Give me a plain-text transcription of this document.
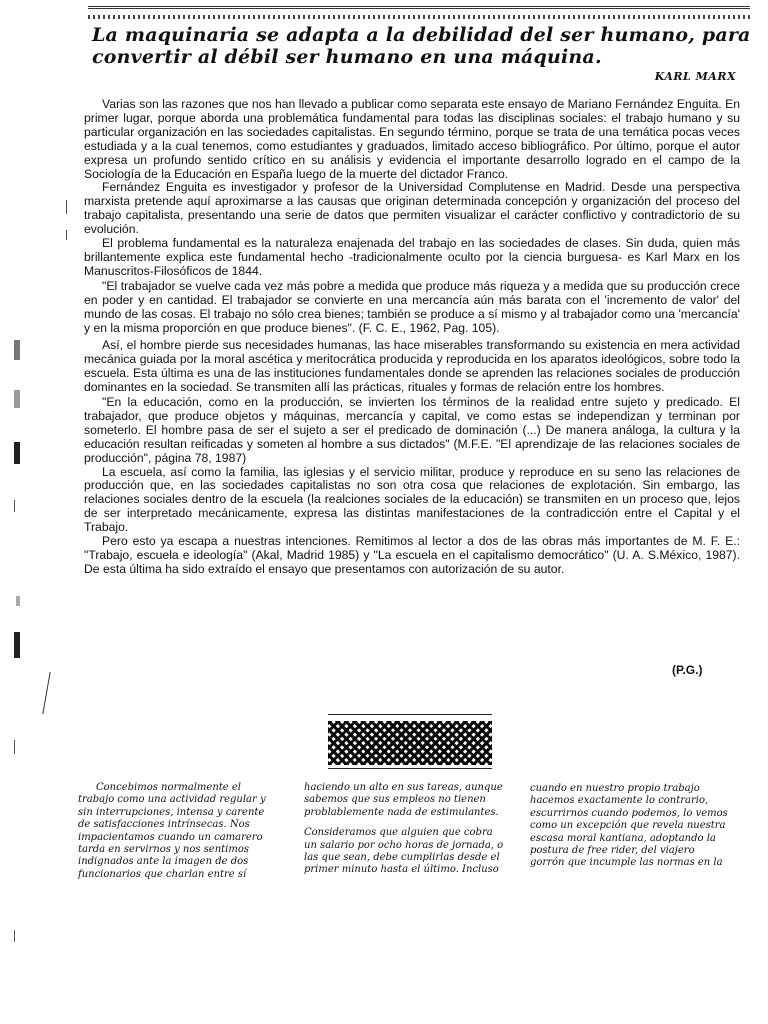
La maquinaria se adapta a la debilidad del ser humano, para
convertir al débil ser humano en una máquina.
KARL MARX

Varias son las razones que nos han llevado a publicar como separata este ensayo de Mariano Fernández Enguita. En primer lugar, porque aborda una problemática fundamental para todas las disciplinas sociales: el trabajo humano y su particular organización en las sociedades capitalistas. En segundo término, porque se trata de una temática pocas veces estudiada y a la cual tenemos, como estudiantes y graduados, limitado acceso bibliográfico. Por último, porque el autor expresa un profundo sentido crítico en su análisis y evidencia el importante desarrollo logrado en el campo de la Sociología de la Educación en España luego de la muerte del dictador Franco.

Fernández Enguita es investigador y profesor de la Universidad Complutense en Madrid. Desde una perspectiva marxista pretende aquí aproximarse a las causas que originan determinada concepción y organización del proceso del trabajo capitalista, presentando una serie de datos que permiten visualizar el carácter conflictivo y contradictorio de su evolución.

El problema fundamental es la naturaleza enajenada del trabajo en las sociedades de clases. Sin duda, quien más brillantemente explica este fundamental hecho -tradicionalmente oculto por la ciencia burguesa- es Karl Marx en los Manuscritos-Filosóficos de 1844.

"El trabajador se vuelve cada vez más pobre a medida que produce más riqueza y a medida que su producción crece en poder y en cantidad. El trabajador se convierte en una mercancía aún más barata con el 'incremento de valor' del mundo de las cosas. El trabajo no sólo crea bienes; también se produce a sí mismo y al trabajador como una 'mercancía' y en la misma proporción en que produce bienes". (F. C. E., 1962, Pag. 105).

Así, el hombre pierde sus necesidades humanas, las hace miserables transformando su existencia en mera actividad mecánica guiada por la moral ascética y meritocrática producida y reproducida en los aparatos ideológicos, sobre todo la escuela. Esta última es una de las instituciones fundamentales donde se aprenden las relaciones sociales de producción dominantes en la sociedad. Se transmiten allí las prácticas, rituales y formas de relación entre los hombres.

"En la educación, como en la producción, se invierten los términos de la realidad entre sujeto y predicado. El trabajador, que produce objetos y máquinas, mercancía y capital, ve como estas se independizan y terminan por someterlo. El hombre pasa de ser el sujeto a ser el predicado de dominación (...) De manera análoga, la cultura y la educación resultan reificadas y someten al hombre a sus dictados" (M.F.E. "El aprendizaje de las relaciones sociales de producción", página 78, 1987)

La escuela, así como la familia, las iglesias y el servicio militar, produce y reproduce en su seno las relaciones de producción que, en las sociedades capitalistas no son otra cosa que relaciones de explotación. Sin embargo, las relaciones sociales dentro de la escuela (la realciones sociales de la educación) se transmiten en un proceso que, lejos de ser interpretado mecánicamente, expresa las distintas manifestaciones de la contradicción entre el Capital y el Trabajo.

Pero esto ya escapa a nuestras intenciones. Remitimos al lector a dos de las obras más importantes de M. F. E.: "Trabajo, escuela e ideología" (Akal, Madrid 1985) y "La escuela en el capitalismo democrático" (U. A. S.México, 1987). De esta última ha sido extraído el ensayo que presentamos con autorización de su autor.

(P.G.)

Concebimos normalmente el trabajo como una actividad regular y sin interrupciones, intensa y carente de satisfacciones intrínsecas. Nos impacientamos cuando un camarero tarda en servirnos y nos sentimos indignados ante la imagen de dos funcionarios que charlan entre sí

haciendo un alto en sus tareas, aunque sabemos que sus empleos no tienen problablemente nada de estimulantes.

Consideramos que alguien que cobra un salario por ocho horas de jornada, o las que sean, debe cumplirlas desde el primer minuto hasta el último. Incluso

cuando en nuestro propio trabajo hacemos exactamente lo contrario, escurrirnos cuando podemos, lo vemos como un excepción que revela nuestra escasa moral kantiana, adoptando la postura de free rider, del viajero gorrón que incumple las normas en la
